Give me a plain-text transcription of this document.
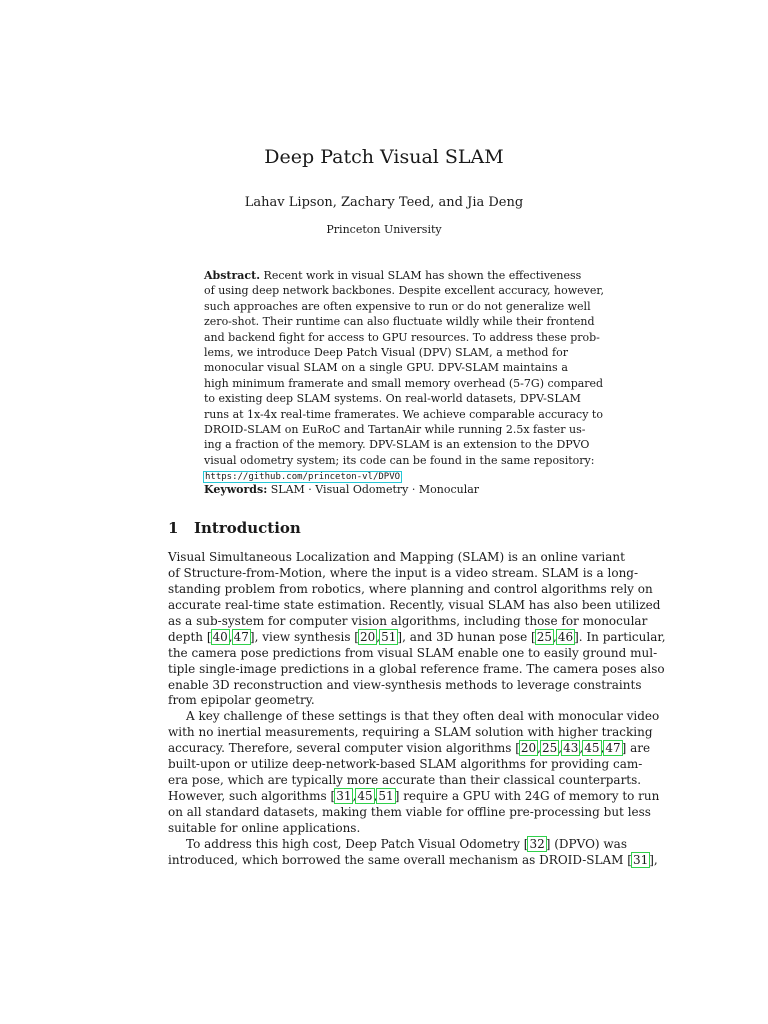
Deep Patch Visual SLAM
Lahav Lipson, Zachary Teed, and Jia Deng
Princeton University
Abstract. Recent work in visual SLAM has shown the effectiveness
of using deep network backbones. Despite excellent accuracy, however,
such approaches are often expensive to run or do not generalize well
zero-shot. Their runtime can also fluctuate wildly while their frontend
and backend fight for access to GPU resources. To address these prob-
lems, we introduce Deep Patch Visual (DPV) SLAM, a method for
monocular visual SLAM on a single GPU. DPV-SLAM maintains a
high minimum framerate and small memory overhead (5-7G) compared
to existing deep SLAM systems. On real-world datasets, DPV-SLAM
runs at 1x-4x real-time framerates. We achieve comparable accuracy to
DROID-SLAM on EuRoC and TartanAir while running 2.5x faster us-
ing a fraction of the memory. DPV-SLAM is an extension to the DPVO
visual odometry system; its code can be found in the same repository:
https://github.com/princeton-vl/DPVO
Keywords: SLAM · Visual Odometry · Monocular
1 Introduction
Visual Simultaneous Localization and Mapping (SLAM) is an online variant
of Structure-from-Motion, where the input is a video stream. SLAM is a long-
standing problem from robotics, where planning and control algorithms rely on
accurate real-time state estimation. Recently, visual SLAM has also been utilized
as a sub-system for computer vision algorithms, including those for monocular
depth [40,47], view synthesis [20,51], and 3D hunan pose [25,46]. In particular,
the camera pose predictions from visual SLAM enable one to easily ground mul-
tiple single-image predictions in a global reference frame. The camera poses also
enable 3D reconstruction and view-synthesis methods to leverage constraints
from epipolar geometry.
A key challenge of these settings is that they often deal with monocular video
with no inertial measurements, requiring a SLAM solution with higher tracking
accuracy. Therefore, several computer vision algorithms [20,25,43,45,47] are
built-upon or utilize deep-network-based SLAM algorithms for providing cam-
era pose, which are typically more accurate than their classical counterparts.
However, such algorithms [31,45,51] require a GPU with 24G of memory to run
on all standard datasets, making them viable for offline pre-processing but less
suitable for online applications.
To address this high cost, Deep Patch Visual Odometry [32] (DPVO) was
introduced, which borrowed the same overall mechanism as DROID-SLAM [31],
